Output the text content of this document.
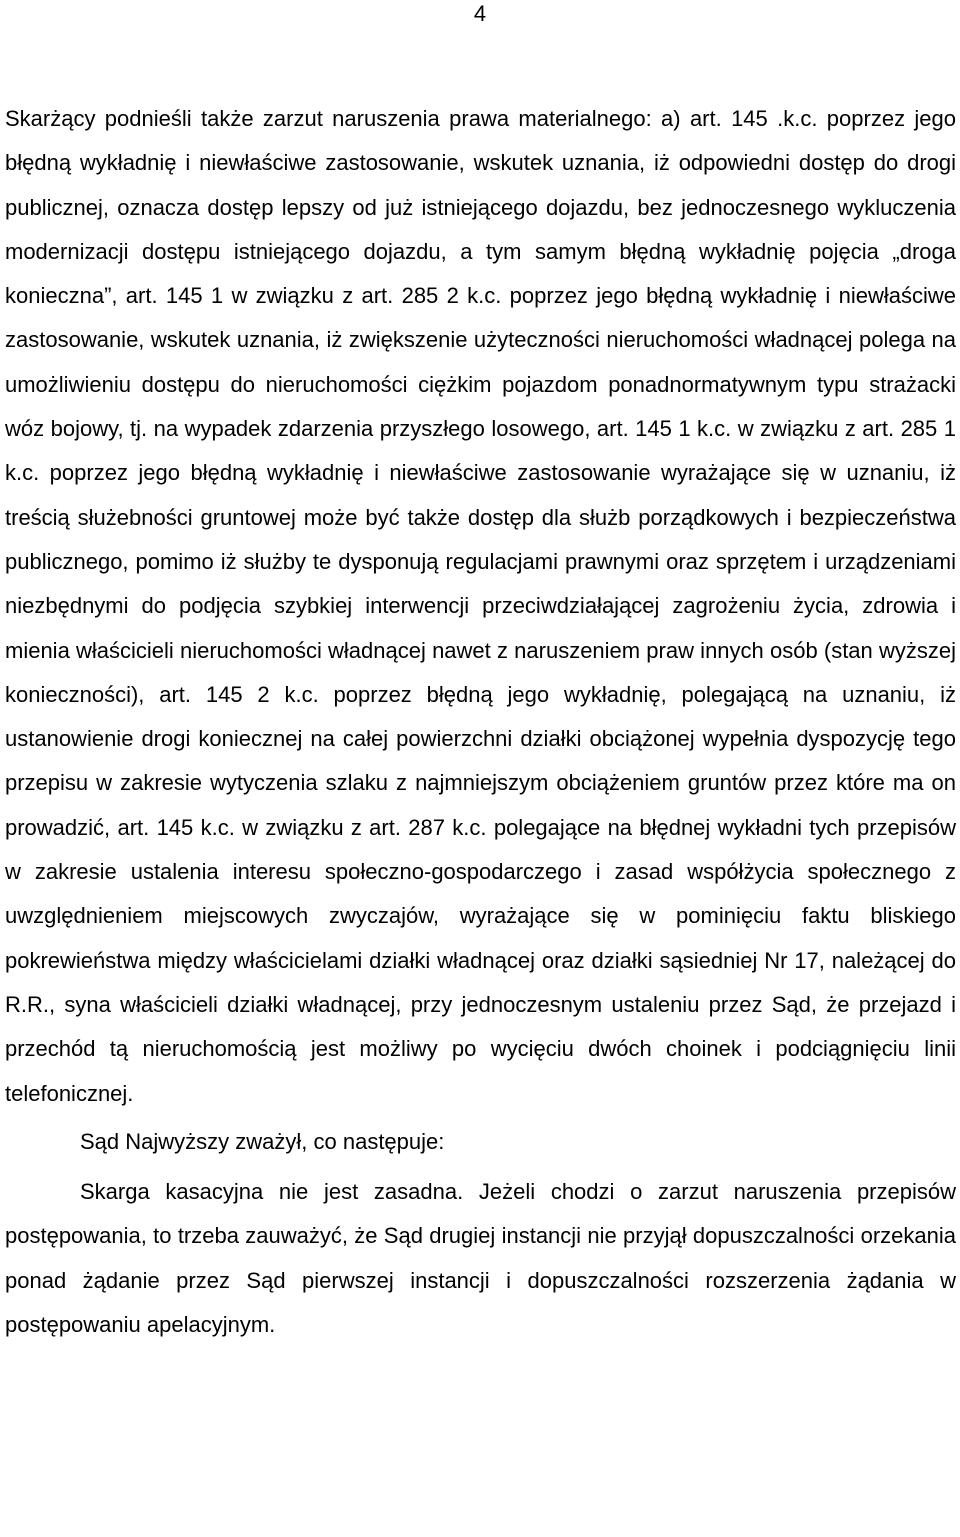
4

Skarżący podnieśli także zarzut naruszenia prawa materialnego: a) art. 145 .k.c. poprzez jego błędną wykładnię i niewłaściwe zastosowanie, wskutek uznania, iż odpowiedni dostęp do drogi publicznej, oznacza dostęp lepszy od już istniejącego dojazdu, bez jednoczesnego wykluczenia modernizacji dostępu istniejącego dojazdu, a tym samym błędną wykładnię pojęcia „droga konieczna”, art. 145 1 w związku z art. 285 2 k.c. poprzez jego błędną wykładnię i niewłaściwe zastosowanie, wskutek uznania, iż zwiększenie użyteczności nieruchomości władnącej polega na umożliwieniu dostępu do nieruchomości ciężkim pojazdom ponadnormatywnym typu strażacki wóz bojowy, tj. na wypadek zdarzenia przyszłego losowego, art. 145 1 k.c. w związku z art. 285 1 k.c. poprzez jego błędną wykładnię i niewłaściwe zastosowanie wyrażające się w uznaniu, iż treścią służebności gruntowej może być także dostęp dla służb porządkowych i bezpieczeństwa publicznego, pomimo iż służby te dysponują regulacjami prawnymi oraz sprzętem i urządzeniami niezbędnymi do podjęcia szybkiej interwencji przeciwdziałającej zagrożeniu życia, zdrowia i mienia właścicieli nieruchomości władnącej nawet z naruszeniem praw innych osób (stan wyższej konieczności), art. 145 2 k.c. poprzez błędną jego wykładnię, polegającą na uznaniu, iż ustanowienie drogi koniecznej na całej powierzchni działki obciążonej wypełnia dyspozycję tego przepisu w zakresie wytyczenia szlaku z najmniejszym obciążeniem gruntów przez które ma on prowadzić, art. 145 k.c. w związku z art. 287 k.c. polegające na błędnej wykładni tych przepisów w zakresie ustalenia interesu społeczno-gospodarczego i zasad współżycia społecznego z uwzględnieniem miejscowych zwyczajów, wyrażające się w pominięciu faktu bliskiego pokrewieństwa między właścicielami działki władnącej oraz działki sąsiedniej Nr 17, należącej do R.R., syna właścicieli działki władnącej, przy jednoczesnym ustaleniu przez Sąd, że przejazd i przechód tą nieruchomością jest możliwy po wycięciu dwóch choinek i podciągnięciu linii telefonicznej.

Sąd Najwyższy zważył, co następuje:

Skarga kasacyjna nie jest zasadna. Jeżeli chodzi o zarzut naruszenia przepisów postępowania, to trzeba zauważyć, że Sąd drugiej instancji nie przyjął dopuszczalności orzekania ponad żądanie przez Sąd pierwszej instancji i dopuszczalności rozszerzenia żądania w postępowaniu apelacyjnym.
